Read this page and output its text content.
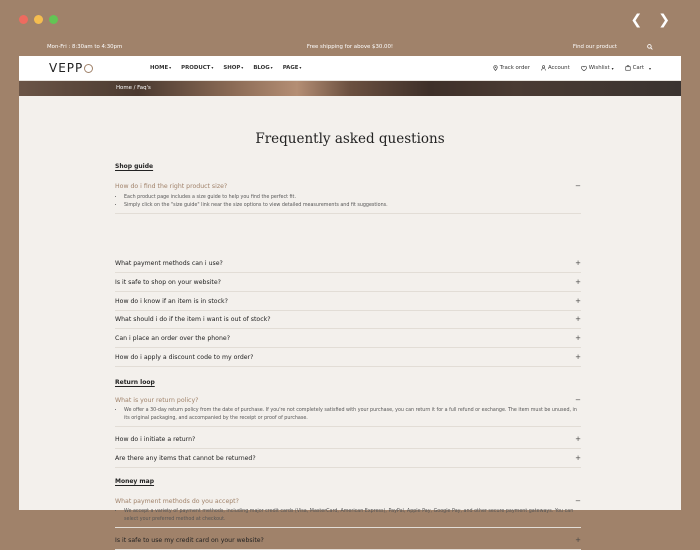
❮ ❯
Mon-Fri : 8:30am to 4:30pm	Free shipping for above $30.00!	Find our product
VEPP	HOME▾ PRODUCT▾ SHOP▾ BLOG▾ PAGE▾	Track order	Account	Wishlist ▾	Cart ▾
Home / Faq's
Frequently asked questions
Shop guide
How do i find the right product size?	−
• Each product page includes a size guide to help you find the perfect fit.
• Simply click on the "size guide" link near the size options to view detailed measurements and fit suggestions.
What payment methods can i use?	+
Is it safe to shop on your website?	+
How do i know if an item is in stock?	+
What should i do if the item i want is out of stock?	+
Can i place an order over the phone?	+
How do i apply a discount code to my order?	+
Return loop
What is your return policy?	−
• We offer a 30-day return policy from the date of purchase. If you're not completely satisfied with your purchase, you can return it for a full refund or exchange. The item must be unused, in its original packaging, and accompanied by the receipt or proof of purchase.
How do i initiate a return?	+
Are there any items that cannot be returned?	+
Money map
What payment methods do you accept?	−
• We accept a variety of payment methods, including major credit cards (Visa, MasterCard, American Express), PayPal, Apple Pay, Google Pay, and other secure payment gateways. You can select your preferred method at checkout.
Is it safe to use my credit card on your website?	+
